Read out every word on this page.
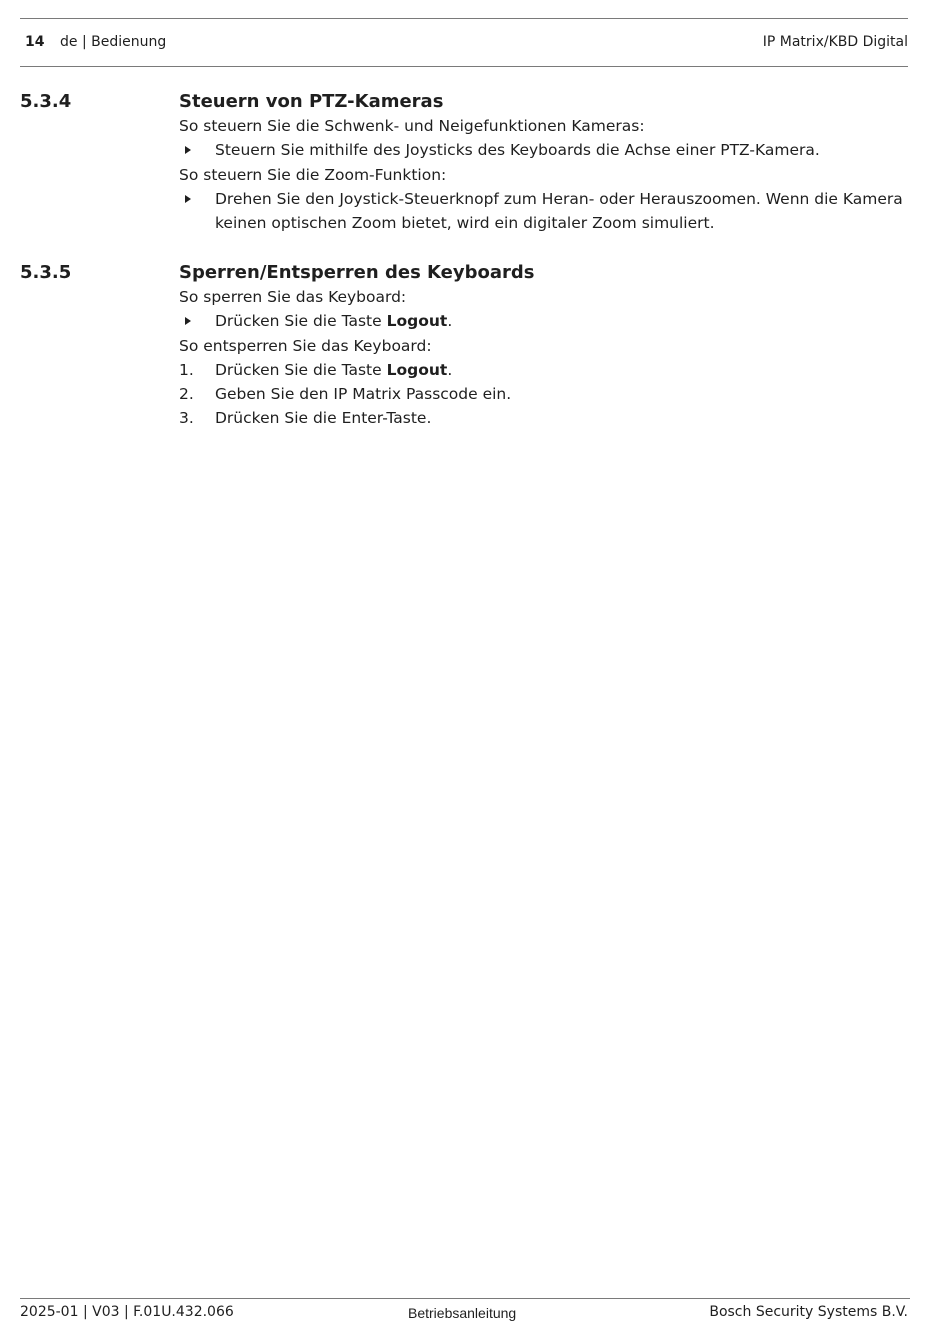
14 de | Bedienung	IP Matrix/KBD Digital
5.3.4	Steuern von PTZ-Kameras

So steuern Sie die Schwenk- und Neigefunktionen Kameras:

Steuern Sie mithilfe des Joysticks des Keyboards die Achse einer PTZ-Kamera.

So steuern Sie die Zoom-Funktion:

Drehen Sie den Joystick-Steuerknopf zum Heran- oder Herauszoomen. Wenn die Kamera keinen optischen Zoom bietet, wird ein digitaler Zoom simuliert.
5.3.5	Sperren/Entsperren des Keyboards

So sperren Sie das Keyboard:

Drücken Sie die Taste Logout.

So entsperren Sie das Keyboard:

1.	Drücken Sie die Taste Logout.
2.	Geben Sie den IP Matrix Passcode ein.
3.	Drücken Sie die Enter-Taste.
2025-01 | V03 | F.01U.432.066	Betriebsanleitung	Bosch Security Systems B.V.
